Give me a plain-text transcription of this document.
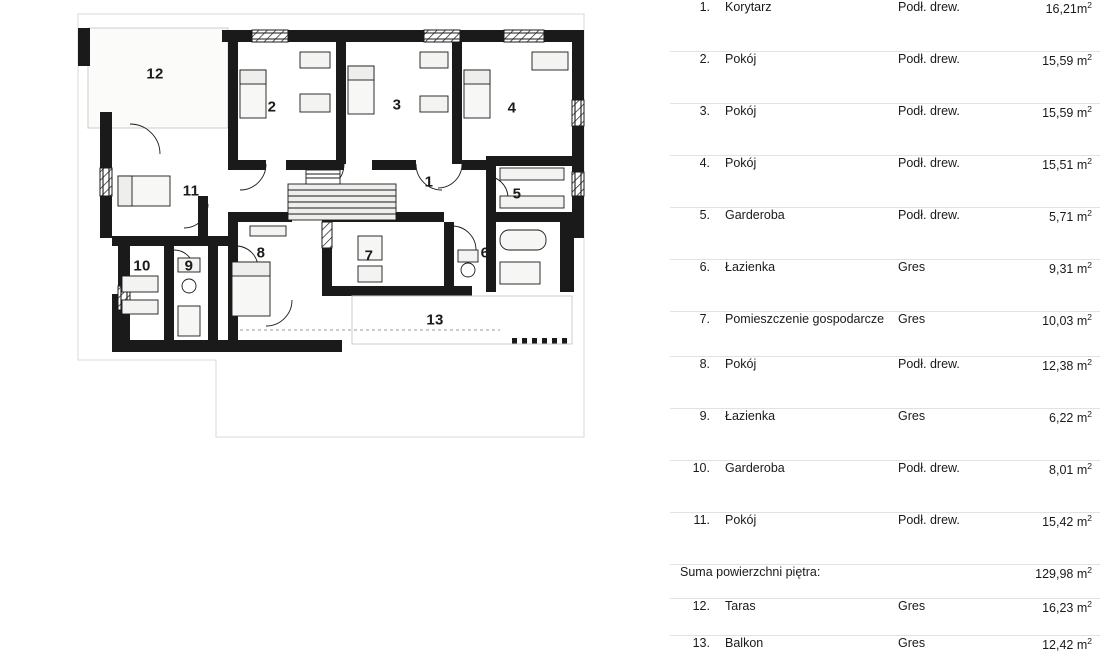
12
2	3	4
11
1
5
8	7	6
10 9
13
1. Korytarz	Podł. drew.	$16,21m^2$
2. Pokój	Podł. drew.	15,59 $m^2$
3. Pokój	Podł. drew.	15,59 $m^2$
4. Pokój	Podł. drew.	15,51 $m^2$
5. Garderoba	Podł. drew.	5,71 $m^2$
6. Łazienka	Gres	9,31 $m^2$
7. Pomieszczenie gospodarcze	Gres	10,03 $m^2$
8. Pokój	Podł. drew.	12,38 $m^2$
9. Łazienka	Gres	6,22 $m^2$
10. Garderoba	Podł. drew.	8,01 $m^2$
11. Pokój	Podł. drew.	15,42 $m^2$
Suma powierzchni piętra:	129,98 $m^2$
12. Taras	Gres	16,23 $m^2$
13. Balkon	Gres	12,42 $m^2$
